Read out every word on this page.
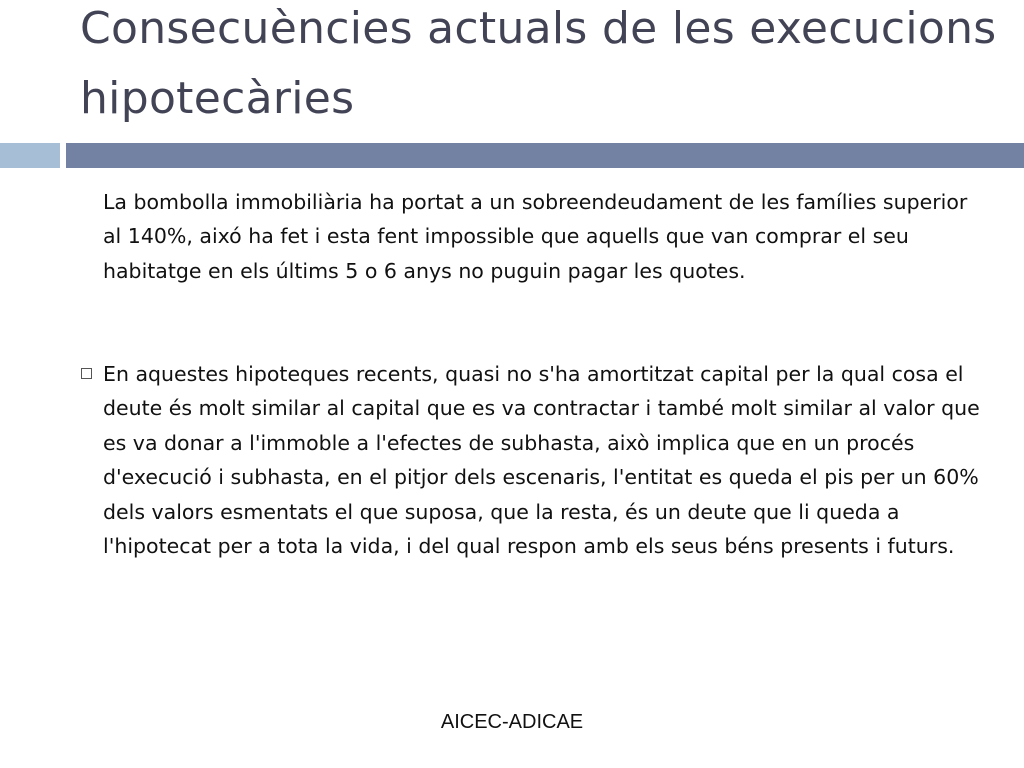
Consecuències actuals de les execucions hipotecàries

La bombolla immobiliària ha portat a un sobreendeudament de les famílies superior al 140%, aixó ha fet i esta fent impossible que aquells que van comprar el seu habitatge en els últims 5 o 6 anys no puguin pagar les quotes.

En aquestes hipoteques recents, quasi no s'ha amortitzat capital per la qual cosa el deute és molt similar al capital que es va contractar i també molt similar al valor que es va donar a l'immoble a l'efectes de subhasta, això implica que en un procés d'execució i subhasta, en el pitjor dels escenaris, l'entitat es queda el pis per un 60% dels valors esmentats el que suposa, que la resta, és un deute que li queda a l'hipotecat per a tota la vida, i del qual respon amb els seus béns presents i futurs.

AICEC-ADICAE
